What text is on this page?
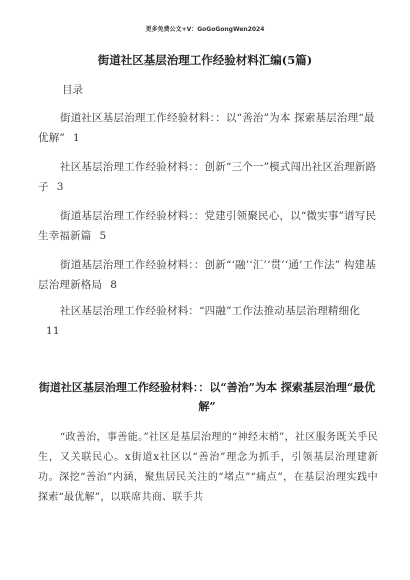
更多免费公文+V：GoGoGongWen2024
街道社区基层治理工作经验材料汇编(5篇)
目录
街道社区基层治理工作经验材料：：以“善治”为本 探索基层治理“最优解” 1
社区基层治理工作经验材料：：创新“三个一”模式闯出社区治理新路子 3
街道基层治理工作经验材料：：党建引领聚民心，以“微实事”谱写民生幸福新篇 5
街道基层治理工作经验材料：：创新“‘融’‘汇’‘贯’‘通’工作法” 构建基层治理新格局 8
社区基层治理工作经验材料：“四融”工作法推动基层治理精细化11
街道社区基层治理工作经验材料：：以“善治”为本 探索基层治理“最优解”

“政善治，事善能。”社区是基层治理的“神经末梢”，社区服务既关乎民生，又关联民心。x街道x社区以“善治”理念为抓手，引领基层治理建新功。深挖“善治”内涵，聚焦居民关注的“堵点”“痛点”，在基层治理实践中探索“最优解”，以联席共商、联手共
